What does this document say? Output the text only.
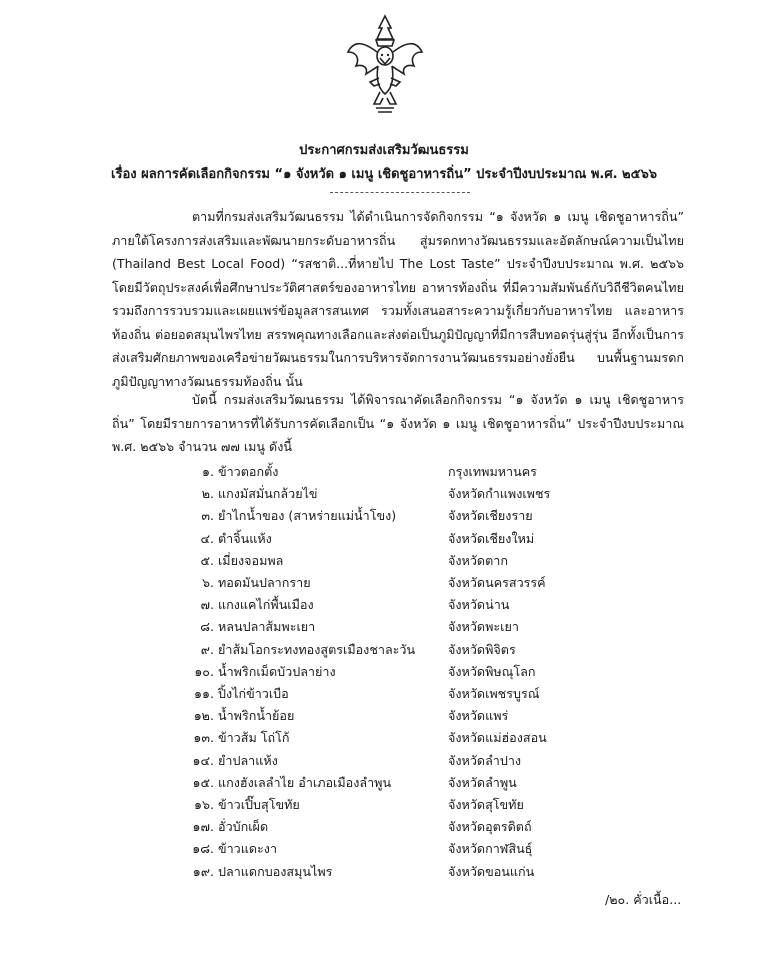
ประกาศกรมส่งเสริมวัฒนธรรม
เรื่อง ผลการคัดเลือกกิจกรรม “๑ จังหวัด ๑ เมนู เชิดชูอาหารถิ่น” ประจำปีงบประมาณ พ.ศ. ๒๕๖๖
ตามที่กรมส่งเสริมวัฒนธรรม ได้ดำเนินการจัดกิจกรรม “๑ จังหวัด ๑ เมนู เชิดชูอาหารถิ่น” ภายใต้โครงการส่งเสริมและพัฒนายกระดับอาหารถิ่น สู่มรดกทางวัฒนธรรมและอัตลักษณ์ความเป็นไทย (Thailand Best Local Food) “รสชาติ...ที่หายไป The Lost Taste” ประจำปีงบประมาณ พ.ศ. ๒๕๖๖ โดยมีวัตถุประสงค์เพื่อศึกษาประวัติศาสตร์ของอาหารไทย อาหารท้องถิ่น ที่มีความสัมพันธ์กับวิถีชีวิตคนไทย รวมถึงการรวบรวมและเผยแพร่ข้อมูลสารสนเทศ รวมทั้งเสนอสาระความรู้เกี่ยวกับอาหารไทย และอาหารท้องถิ่น ต่อยอดสมุนไพรไทย สรรพคุณทางเลือกและส่งต่อเป็นภูมิปัญญาที่มีการสืบทอดรุ่นสู่รุ่น อีกทั้งเป็นการส่งเสริมศักยภาพของเครือข่ายวัฒนธรรมในการบริหารจัดการงานวัฒนธรรมอย่างยั่งยืน บนพื้นฐานมรดกภูมิปัญญาทางวัฒนธรรมท้องถิ่น นั้น
บัดนี้ กรมส่งเสริมวัฒนธรรม ได้พิจารณาคัดเลือกกิจกรรม “๑ จังหวัด ๑ เมนู เชิดชูอาหารถิ่น” โดยมีรายการอาหารที่ได้รับการคัดเลือกเป็น “๑ จังหวัด ๑ เมนู เชิดชูอาหารถิ่น” ประจำปีงบประมาณ พ.ศ. ๒๕๖๖ จำนวน ๗๗ เมนู ดังนี้
๑. ข้าวตอกตั้ง	กรุงเทพมหานคร
๒. แกงมัสมั่นกล้วยไข่	จังหวัดกำแพงเพชร
๓. ยำไกน้ำของ (สาหร่ายแม่น้ำโขง)	จังหวัดเชียงราย
๔. ตำจิ้นแห้ง	จังหวัดเชียงใหม่
๕. เมี่ยงจอมพล	จังหวัดตาก
๖. ทอดมันปลากราย	จังหวัดนครสวรรค์
๗. แกงแคไก่พื้นเมือง	จังหวัดน่าน
๘. หลนปลาส้มพะเยา	จังหวัดพะเยา
๙. ยำส้มโอกระทงทองสูตรเมืองชาละวัน	จังหวัดพิจิตร
๑๐. น้ำพริกเม็ดบัวปลาย่าง	จังหวัดพิษณุโลก
๑๑. ปิ้งไก่ข้าวเบือ	จังหวัดเพชรบูรณ์
๑๒. น้ำพริกน้ำย้อย	จังหวัดแพร่
๑๓. ข้าวส้ม โถ่โก้	จังหวัดแม่ฮ่องสอน
๑๔. ยำปลาแห้ง	จังหวัดลำปาง
๑๕. แกงฮังเลลำไย อำเภอเมืองลำพูน	จังหวัดลำพูน
๑๖. ข้าวเปิ๊บสุโขทัย	จังหวัดสุโขทัย
๑๗. อั่วบักเผ็ด	จังหวัดอุตรดิตถ์
๑๘. ข้าวแดะงา	จังหวัดกาฬสินธุ์
๑๙. ปลาแดกบองสมุนไพร	จังหวัดขอนแก่น
/๒๐. คั่วเนื้อ...
